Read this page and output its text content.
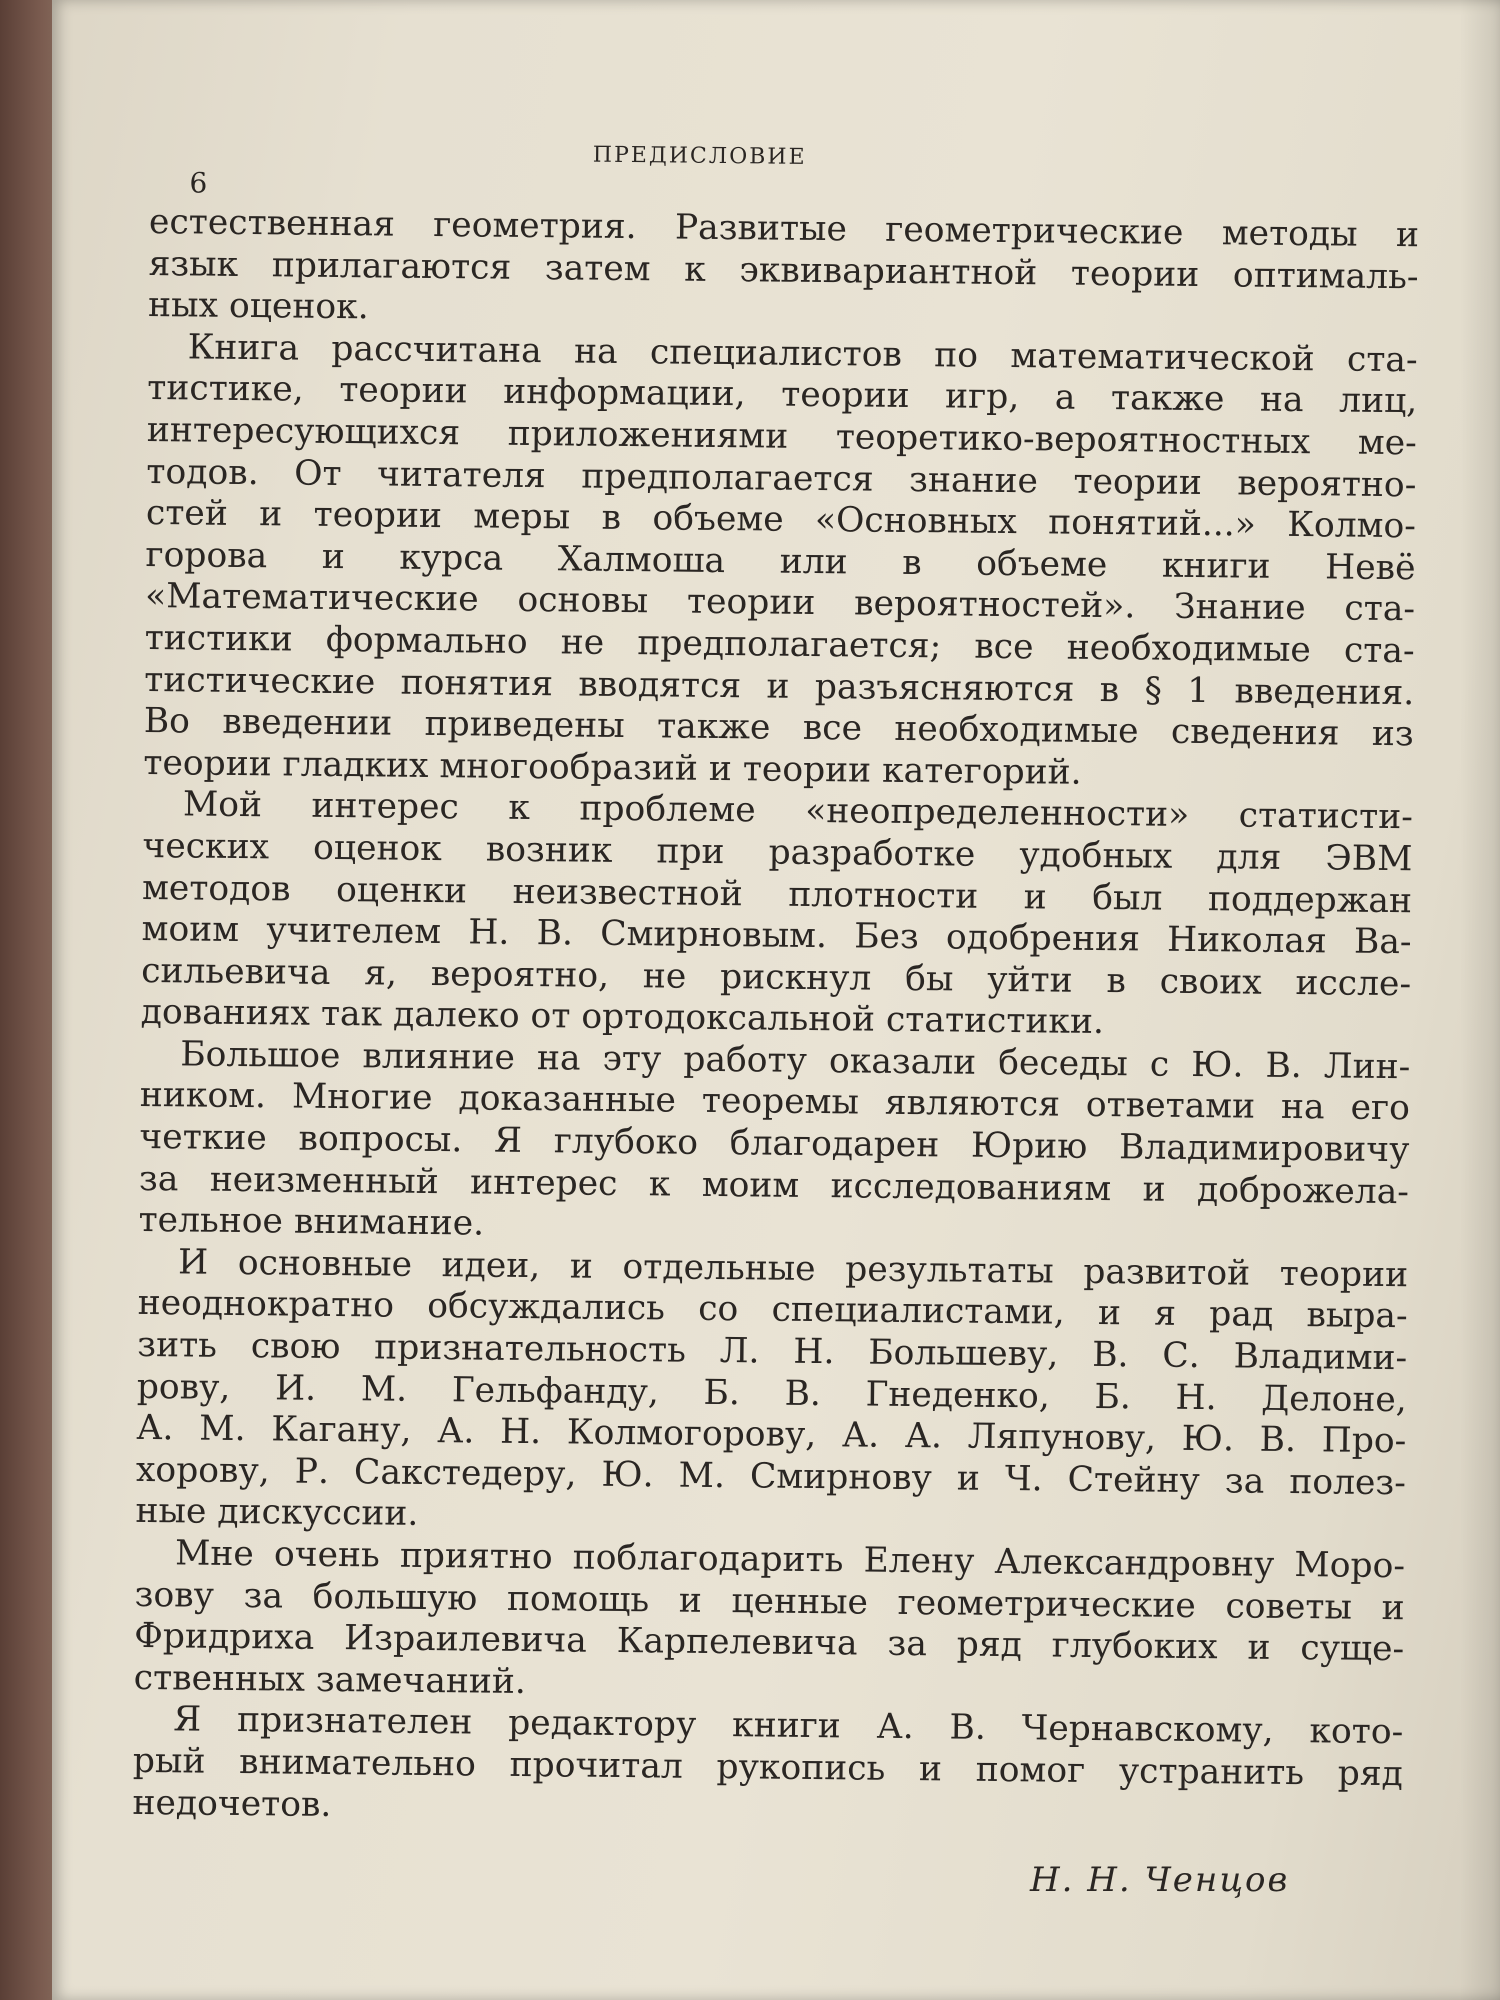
6
ПРЕДИСЛОВИЕ

естественная геометрия. Развитые геометрические методы и
язык прилагаются затем к эквивариантной теории оптималь-
ных оценок.

Книга рассчитана на специалистов по математической ста-
тистике, теории информации, теории игр, а также на лиц,
интересующихся приложениями теоретико-вероятностных ме-
тодов. От читателя предполагается знание теории вероятно-
стей и теории меры в объеме «Основных понятий...» Колмо-
горова и курса Халмоша или в объеме книги Невё
«Математические основы теории вероятностей». Знание ста-
тистики формально не предполагается; все необходимые ста-
тистические понятия вводятся и разъясняются в § 1 введения.
Во введении приведены также все необходимые сведения из
теории гладких многообразий и теории категорий.

Мой интерес к проблеме «неопределенности» статисти-
ческих оценок возник при разработке удобных для ЭВМ
методов оценки неизвестной плотности и был поддержан
моим учителем Н. В. Смирновым. Без одобрения Николая Ва-
сильевича я, вероятно, не рискнул бы уйти в своих иссле-
дованиях так далеко от ортодоксальной статистики.

Большое влияние на эту работу оказали беседы с Ю. В. Лин-
ником. Многие доказанные теоремы являются ответами на его
четкие вопросы. Я глубоко благодарен Юрию Владимировичу
за неизменный интерес к моим исследованиям и доброжела-
тельное внимание.

И основные идеи, и отдельные результаты развитой теории
неоднократно обсуждались со специалистами, и я рад выра-
зить свою признательность Л. Н. Большеву, В. С. Владими-
рову, И. М. Гельфанду, Б. В. Гнеденко, Б. Н. Делоне,
А. М. Кагану, А. Н. Колмогорову, А. А. Ляпунову, Ю. В. Про-
хорову, Р. Сакстедеру, Ю. М. Смирнову и Ч. Стейну за полез-
ные дискуссии.

Мне очень приятно поблагодарить Елену Александровну Моро-
зову за большую помощь и ценные геометрические советы и
Фридриха Израилевича Карпелевича за ряд глубоких и суще-
ственных замечаний.

Я признателен редактору книги А. В. Чернавскому, кото-
рый внимательно прочитал рукопись и помог устранить ряд
недочетов.

Н. Н. Ченцов
